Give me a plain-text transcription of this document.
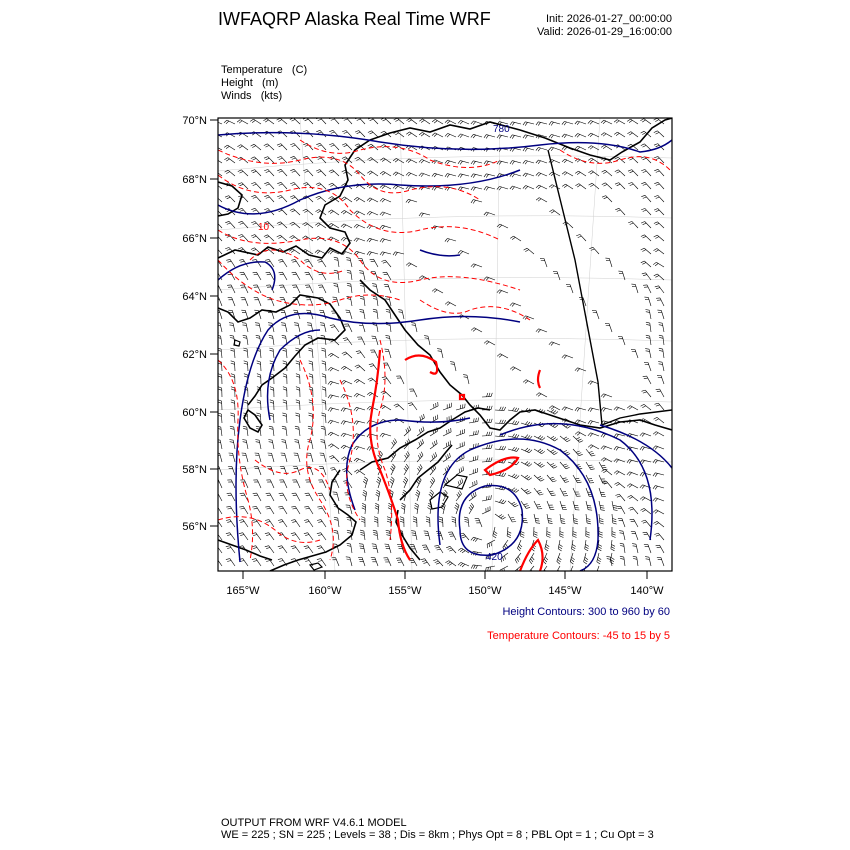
IWFAQRP Alaska Real Time WRF	Init: 2026-01-27_00:00:00
Valid: 2026-01-29_16:00:00
Temperature   (C)
Height   (m)
Winds   (kts)
780
420
10
70°N
68°N
66°N
64°N
62°N
60°N
58°N
56°N
165°W	160°W	155°W	150°W	145°W	140°W
Height Contours: 300 to 960 by 60
Temperature Contours: -45 to 15 by 5
OUTPUT FROM WRF V4.6.1 MODEL
WE = 225 ; SN = 225 ; Levels = 38 ; Dis = 8km ; Phys Opt = 8 ; PBL Opt = 1 ; Cu Opt = 3
